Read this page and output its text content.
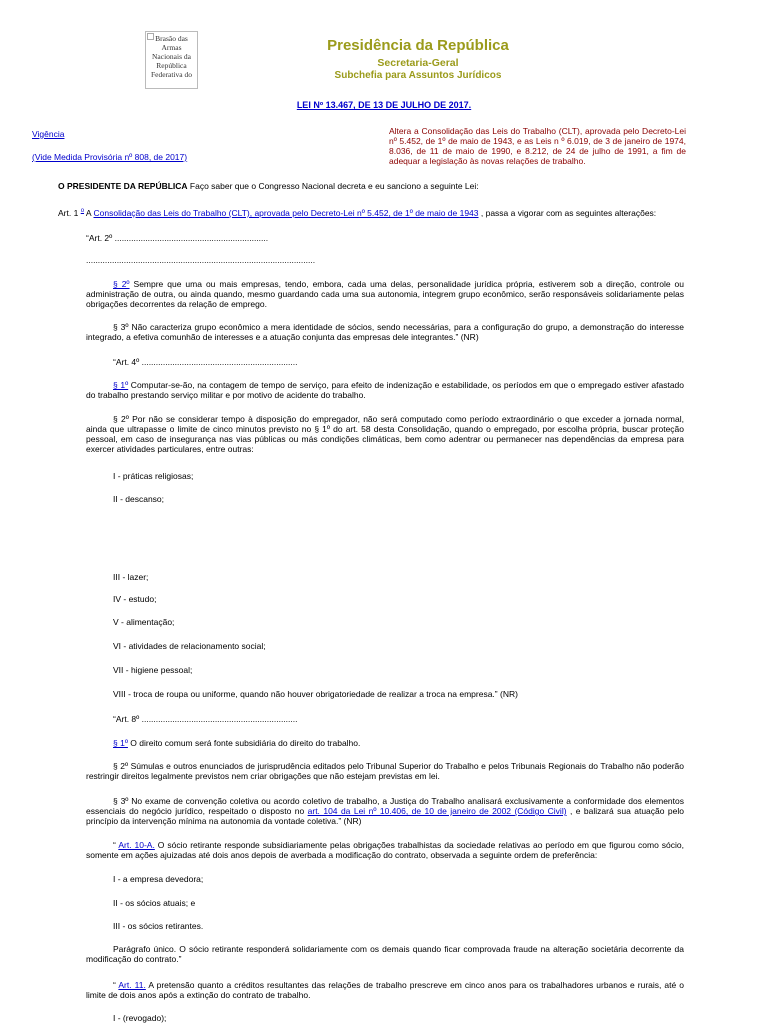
Brasão das Armas Nacionais da República Federativa do
Presidência da República
Secretaria-Geral
Subchefia para Assuntos Jurídicos
LEI Nº 13.467, DE 13 DE JULHO DE 2017.
Vigência
(Vide Medida Provisória nº 808, de 2017)
Altera a Consolidação das Leis do Trabalho (CLT), aprovada pelo Decreto-Lei nº 5.452, de 1º de maio de 1943, e as Leis n º 6.019, de 3 de janeiro de 1974, 8.036, de 11 de maio de 1990, e 8.212, de 24 de julho de 1991, a fim de adequar a legislação às novas relações de trabalho.
O PRESIDENTE DA REPÚBLICA Faço saber que o Congresso Nacional decreta e eu sanciono a seguinte Lei:
Art. 1 $^o$ A Consolidação das Leis do Trabalho (CLT), aprovada pelo Decreto-Lei nº 5.452, de 1º de maio de 1943 , passa a vigorar com as seguintes alterações:
“Art. 2º .................................................................
.................................................................................................
§ 2º Sempre que uma ou mais empresas, tendo, embora, cada uma delas, personalidade jurídica própria, estiverem sob a direção, controle ou administração de outra, ou ainda quando, mesmo guardando cada uma sua autonomia, integrem grupo econômico, serão responsáveis solidariamente pelas obrigações decorrentes da relação de emprego.
§ 3º Não caracteriza grupo econômico a mera identidade de sócios, sendo necessárias, para a configuração do grupo, a demonstração do interesse integrado, a efetiva comunhão de interesses e a atuação conjunta das empresas dele integrantes.” (NR)
“Art. 4º ..................................................................
§ 1º Computar-se-ão, na contagem de tempo de serviço, para efeito de indenização e estabilidade, os períodos em que o empregado estiver afastado do trabalho prestando serviço militar e por motivo de acidente do trabalho.
§ 2º Por não se considerar tempo à disposição do empregador, não será computado como período extraordinário o que exceder a jornada normal, ainda que ultrapasse o limite de cinco minutos previsto no § 1º do art. 58 desta Consolidação, quando o empregado, por escolha própria, buscar proteção pessoal, em caso de insegurança nas vias públicas ou más condições climáticas, bem como adentrar ou permanecer nas dependências da empresa para exercer atividades particulares, entre outras:
I - práticas religiosas;
II - descanso;
III - lazer;
IV - estudo;
V - alimentação;
VI - atividades de relacionamento social;
VII - higiene pessoal;
VIII - troca de roupa ou uniforme, quando não houver obrigatoriedade de realizar a troca na empresa.” (NR)
“Art. 8º ..................................................................
§ 1º O direito comum será fonte subsidiária do direito do trabalho.
§ 2º Súmulas e outros enunciados de jurisprudência editados pelo Tribunal Superior do Trabalho e pelos Tribunais Regionais do Trabalho não poderão restringir direitos legalmente previstos nem criar obrigações que não estejam previstas em lei.
§ 3º No exame de convenção coletiva ou acordo coletivo de trabalho, a Justiça do Trabalho analisará exclusivamente a conformidade dos elementos essenciais do negócio jurídico, respeitado o disposto no art. 104 da Lei nº 10.406, de 10 de janeiro de 2002 (Código Civil) , e balizará sua atuação pelo princípio da intervenção mínima na autonomia da vontade coletiva.” (NR)
“ Art. 10-A. O sócio retirante responde subsidiariamente pelas obrigações trabalhistas da sociedade relativas ao período em que figurou como sócio, somente em ações ajuizadas até dois anos depois de averbada a modificação do contrato, observada a seguinte ordem de preferência:
I - a empresa devedora;
II - os sócios atuais; e
III - os sócios retirantes.
Parágrafo único. O sócio retirante responderá solidariamente com os demais quando ficar comprovada fraude na alteração societária decorrente da modificação do contrato.”
“ Art. 11. A pretensão quanto a créditos resultantes das relações de trabalho prescreve em cinco anos para os trabalhadores urbanos e rurais, até o limite de dois anos após a extinção do contrato de trabalho.
I - (revogado);
